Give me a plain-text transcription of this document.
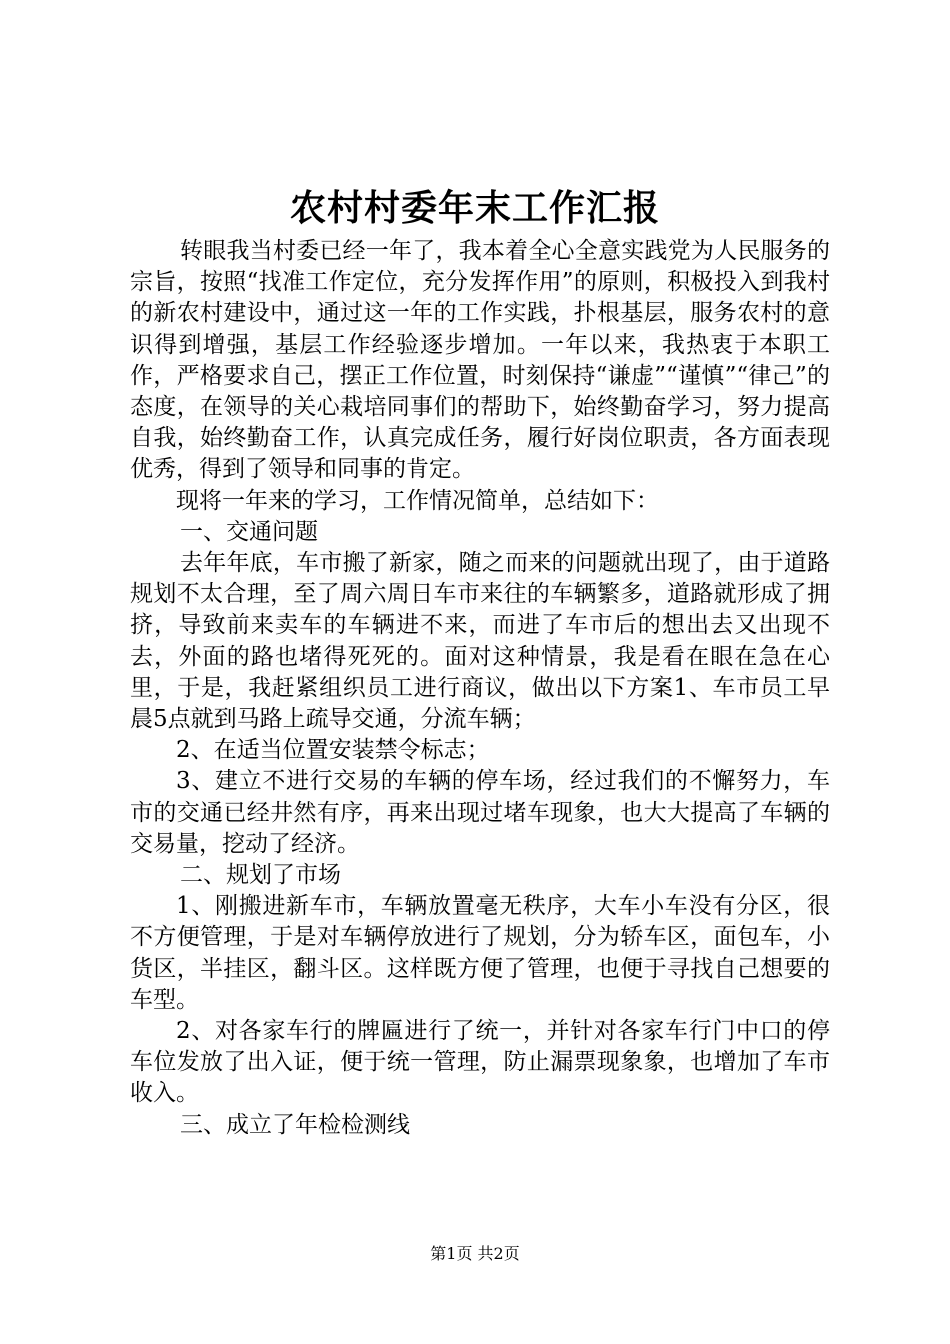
农村村委年末工作汇报

转眼我当村委已经一年了，我本着全心全意实践党为人民服务的宗旨，按照“找准工作定位，充分发挥作用”的原则，积极投入到我村的新农村建设中，通过这一年的工作实践，扑根基层，服务农村的意识得到增强，基层工作经验逐步增加。一年以来，我热衷于本职工作，严格要求自己，摆正工作位置，时刻保持“谦虚”“谨慎”“律己”的态度，在领导的关心栽培同事们的帮助下，始终勤奋学习，努力提高自我，始终勤奋工作，认真完成任务，履行好岗位职责，各方面表现优秀，得到了领导和同事的肯定。

现将一年来的学习，工作情况简单，总结如下：

一、交通问题

去年年底，车市搬了新家，随之而来的问题就出现了，由于道路规划不太合理，至了周六周日车市来往的车辆繁多，道路就形成了拥挤，导致前来卖车的车辆进不来，而进了车市后的想出去又出现不去，外面的路也堵得死死的。面对这种情景，我是看在眼在急在心里，于是，我赶紧组织员工进行商议，做出以下方案1、车市员工早晨5点就到马路上疏导交通，分流车辆；

2、在适当位置安装禁令标志；

3、建立不进行交易的车辆的停车场，经过我们的不懈努力，车市的交通已经井然有序，再来出现过堵车现象，也大大提高了车辆的交易量，挖动了经济。

二、规划了市场

1、刚搬进新车市，车辆放置毫无秩序，大车小车没有分区，很不方便管理，于是对车辆停放进行了规划，分为轿车区，面包车，小货区，半挂区，翻斗区。这样既方便了管理，也便于寻找自己想要的车型。

2、对各家车行的牌匾进行了统一，并针对各家车行门中口的停车位发放了出入证，便于统一管理，防止漏票现象象，也增加了车市收入。

三、成立了年检检测线

第1页 共2页
